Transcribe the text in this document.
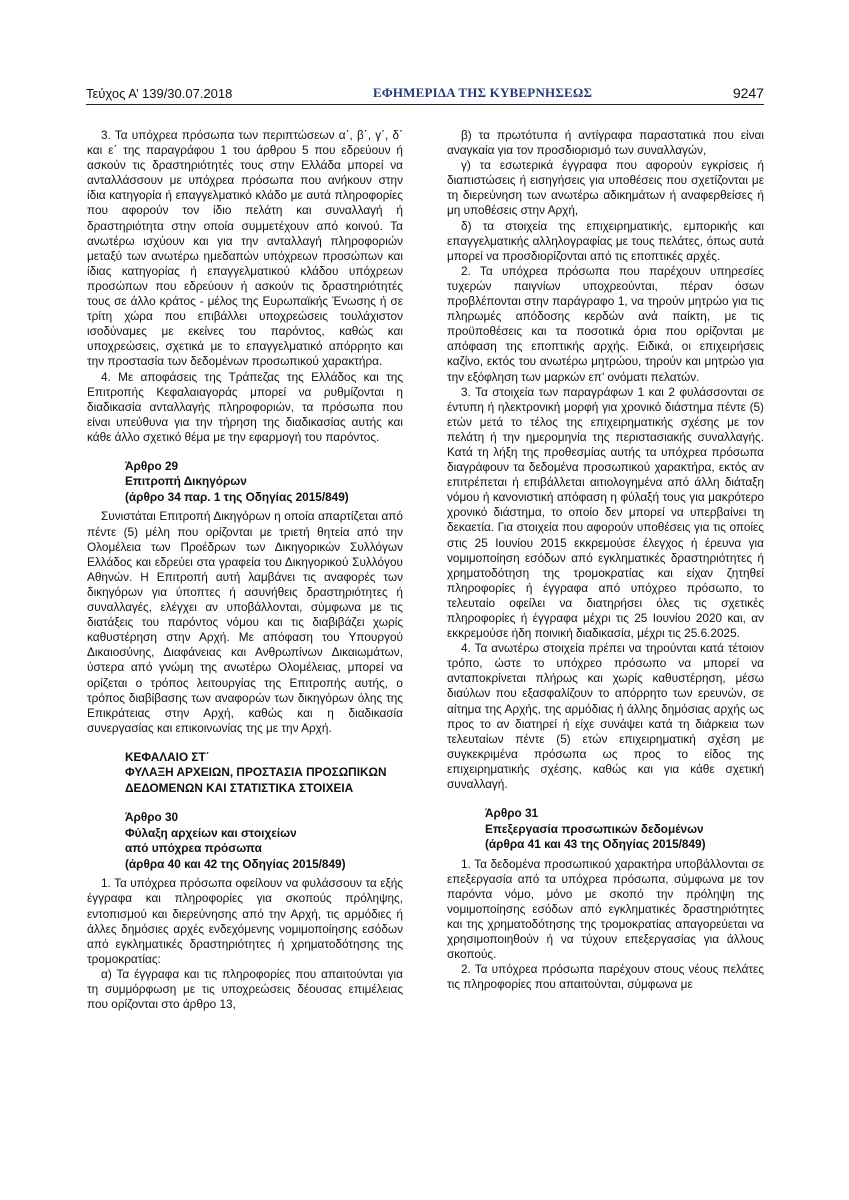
Τεύχος Α’ 139/30.07.2018	ΕΦΗΜΕΡΙΔΑ ΤΗΣ ΚΥΒΕΡΝΗΣΕΩΣ	9247

3. Τα υπόχρεα πρόσωπα των περιπτώσεων α΄, β΄, γ΄, δ΄ και ε΄ της παραγράφου 1 του άρθρου 5 που εδρεύουν ή ασκούν τις δραστηριότητές τους στην Ελλάδα μπορεί να ανταλλάσσουν με υπόχρεα πρόσωπα που ανήκουν στην ίδια κατηγορία ή επαγγελματικό κλάδο με αυτά πληροφορίες που αφορούν τον ίδιο πελάτη και συναλλαγή ή δραστηριότητα στην οποία συμμετέχουν από κοινού. Τα ανωτέρω ισχύουν και για την ανταλλαγή πληροφοριών μεταξύ των ανωτέρω ημεδαπών υπόχρεων προσώπων και ίδιας κατηγορίας ή επαγγελματικού κλάδου υπόχρεων προσώπων που εδρεύουν ή ασκούν τις δραστηριότητές τους σε άλλο κράτος - μέλος της Ευρωπαϊκής Ένωσης ή σε τρίτη χώρα που επιβάλλει υποχρεώσεις τουλάχιστον ισοδύναμες με εκείνες του παρόντος, καθώς και υποχρεώσεις, σχετικά με το επαγγελματικό απόρρητο και την προστασία των δεδομένων προσωπικού χαρακτήρα.

4. Με αποφάσεις της Τράπεζας της Ελλάδος και της Επιτροπής Κεφαλαιαγοράς μπορεί να ρυθμίζονται η διαδικασία ανταλλαγής πληροφοριών, τα πρόσωπα που είναι υπεύθυνα για την τήρηση της διαδικασίας αυτής και κάθε άλλο σχετικό θέμα με την εφαρμογή του παρόντος.

Άρθρο 29
Επιτροπή Δικηγόρων
(άρθρο 34 παρ. 1 της Οδηγίας 2015/849)

Συνιστάται Επιτροπή Δικηγόρων η οποία απαρτίζεται από πέντε (5) μέλη που ορίζονται με τριετή θητεία από την Ολομέλεια των Προέδρων των Δικηγορικών Συλλόγων Ελλάδος και εδρεύει στα γραφεία του Δικηγορικού Συλλόγου Αθηνών. Η Επιτροπή αυτή λαμβάνει τις αναφορές των δικηγόρων για ύποπτες ή ασυνήθεις δραστηριότητες ή συναλλαγές, ελέγχει αν υποβάλλονται, σύμφωνα με τις διατάξεις του παρόντος νόμου και τις διαβιβάζει χωρίς καθυστέρηση στην Αρχή. Με απόφαση του Υπουργού Δικαιοσύνης, Διαφάνειας και Ανθρωπίνων Δικαιωμάτων, ύστερα από γνώμη της ανωτέρω Ολομέλειας, μπορεί να ορίζεται ο τρόπος λειτουργίας της Επιτροπής αυτής, ο τρόπος διαβίβασης των αναφορών των δικηγόρων όλης της Επικράτειας στην Αρχή, καθώς και η διαδικασία συνεργασίας και επικοινωνίας της με την Αρχή.

ΚΕΦΑΛΑΙΟ ΣΤ΄
ΦΥΛΑΞΗ ΑΡΧΕΙΩΝ, ΠΡΟΣΤΑΣΙΑ ΠΡΟΣΩΠΙΚΩΝ
ΔΕΔΟΜΕΝΩΝ ΚΑΙ ΣΤΑΤΙΣΤΙΚΑ ΣΤΟΙΧΕΙΑ
Άρθρο 30
Φύλαξη αρχείων και στοιχείων
από υπόχρεα πρόσωπα
(άρθρα 40 και 42 της Οδηγίας 2015/849)

1. Τα υπόχρεα πρόσωπα οφείλουν να φυλάσσουν τα εξής έγγραφα και πληροφορίες για σκοπούς πρόληψης, εντοπισμού και διερεύνησης από την Αρχή, τις αρμόδιες ή άλλες δημόσιες αρχές ενδεχόμενης νομιμοποίησης εσόδων από εγκληματικές δραστηριότητες ή χρηματοδότησης της τρομοκρατίας:

α) Τα έγγραφα και τις πληροφορίες που απαιτούνται για τη συμμόρφωση με τις υποχρεώσεις δέουσας επιμέλειας που ορίζονται στο άρθρο 13,

β) τα πρωτότυπα ή αντίγραφα παραστατικά που είναι αναγκαία για τον προσδιορισμό των συναλλαγών,

γ) τα εσωτερικά έγγραφα που αφορούν εγκρίσεις ή διαπιστώσεις ή εισηγήσεις για υποθέσεις που σχετίζονται με τη διερεύνηση των ανωτέρω αδικημάτων ή αναφερθείσες ή μη υποθέσεις στην Αρχή,

δ) τα στοιχεία της επιχειρηματικής, εμπορικής και επαγγελματικής αλληλογραφίας με τους πελάτες, όπως αυτά μπορεί να προσδιορίζονται από τις εποπτικές αρχές.

2. Τα υπόχρεα πρόσωπα που παρέχουν υπηρεσίες τυχερών παιγνίων υποχρεούνται, πέραν όσων προβλέπονται στην παράγραφο 1, να τηρούν μητρώο για τις πληρωμές απόδοσης κερδών ανά παίκτη, με τις προϋποθέσεις και τα ποσοτικά όρια που ορίζονται με απόφαση της εποπτικής αρχής. Ειδικά, οι επιχειρήσεις καζίνο, εκτός του ανωτέρω μητρώου, τηρούν και μητρώο για την εξόφληση των μαρκών επ’ ονόματι πελατών.

3. Τα στοιχεία των παραγράφων 1 και 2 φυλάσσονται σε έντυπη ή ηλεκτρονική μορφή για χρονικό διάστημα πέντε (5) ετών μετά το τέλος της επιχειρηματικής σχέσης με τον πελάτη ή την ημερομηνία της περιστασιακής συναλλαγής. Κατά τη λήξη της προθεσμίας αυτής τα υπόχρεα πρόσωπα διαγράφουν τα δεδομένα προσωπικού χαρακτήρα, εκτός αν επιτρέπεται ή επιβάλλεται αιτιολογημένα από άλλη διάταξη νόμου ή κανονιστική απόφαση η φύλαξή τους για μακρότερο χρονικό διάστημα, το οποίο δεν μπορεί να υπερβαίνει τη δεκαετία. Για στοιχεία που αφορούν υποθέσεις για τις οποίες στις 25 Ιουνίου 2015 εκκρεμούσε έλεγχος ή έρευνα για νομιμοποίηση εσόδων από εγκληματικές δραστηριότητες ή χρηματοδότηση της τρομοκρατίας και είχαν ζητηθεί πληροφορίες ή έγγραφα από υπόχρεο πρόσωπο, το τελευταίο οφείλει να διατηρήσει όλες τις σχετικές πληροφορίες ή έγγραφα μέχρι τις 25 Ιουνίου 2020 και, αν εκκρεμούσε ήδη ποινική διαδικασία, μέχρι τις 25.6.2025.

4. Τα ανωτέρω στοιχεία πρέπει να τηρούνται κατά τέτοιον τρόπο, ώστε το υπόχρεο πρόσωπο να μπορεί να ανταποκρίνεται πλήρως και χωρίς καθυστέρηση, μέσω διαύλων που εξασφαλίζουν το απόρρητο των ερευνών, σε αίτημα της Αρχής, της αρμόδιας ή άλλης δημόσιας αρχής ως προς το αν διατηρεί ή είχε συνάψει κατά τη διάρκεια των τελευταίων πέντε (5) ετών επιχειρηματική σχέση με συγκεκριμένα πρόσωπα ως προς το είδος της επιχειρηματικής σχέσης, καθώς και για κάθε σχετική συναλλαγή.

Άρθρο 31
Επεξεργασία προσωπικών δεδομένων
(άρθρα 41 και 43 της Οδηγίας 2015/849)

1. Τα δεδομένα προσωπικού χαρακτήρα υποβάλλονται σε επεξεργασία από τα υπόχρεα πρόσωπα, σύμφωνα με τον παρόντα νόμο, μόνο με σκοπό την πρόληψη της νομιμοποίησης εσόδων από εγκληματικές δραστηριότητες και της χρηματοδότησης της τρομοκρατίας απαγορεύεται να χρησιμοποιηθούν ή να τύχουν επεξεργασίας για άλλους σκοπούς.

2. Τα υπόχρεα πρόσωπα παρέχουν στους νέους πελάτες τις πληροφορίες που απαιτούνται, σύμφωνα με
